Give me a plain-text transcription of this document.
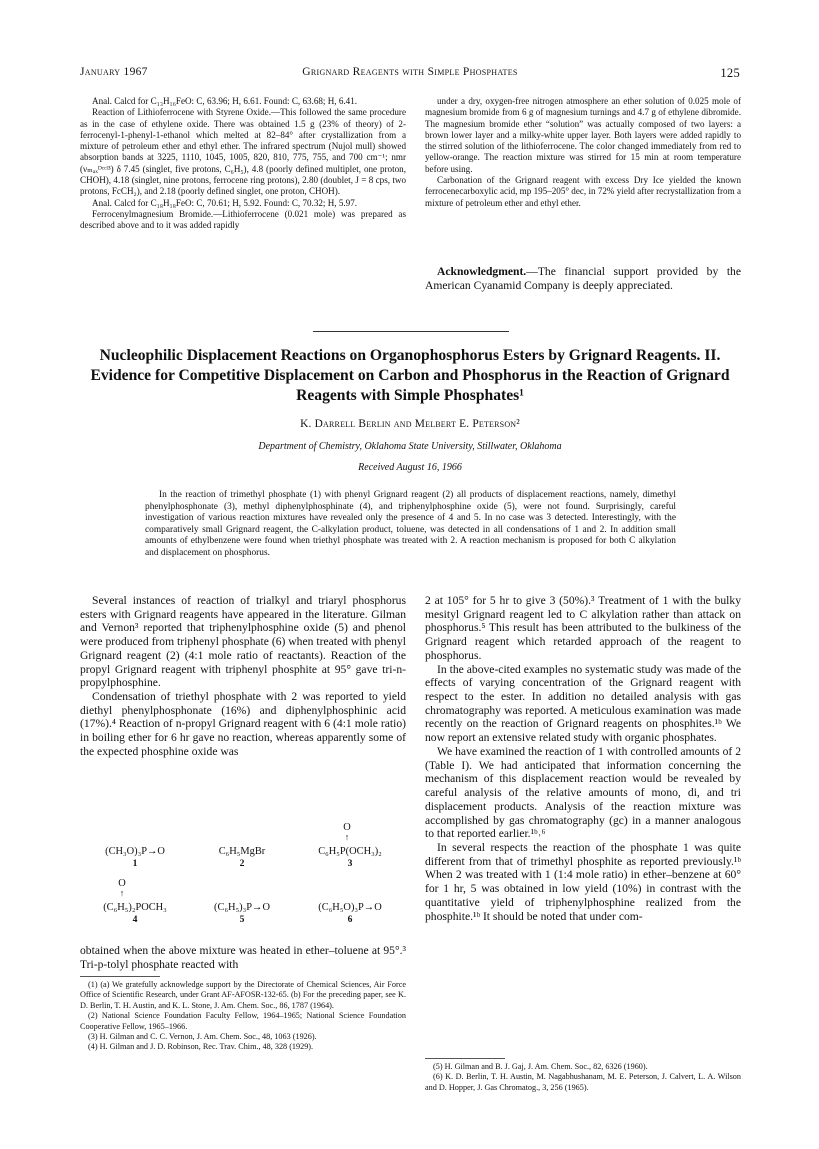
January 1967	Grignard Reagents with Simple Phosphates	125

Anal. Calcd for C₁₃H₁₆FeO: C, 63.96; H, 6.61. Found: C, 63.68; H, 6.41.

Reaction of Lithioferrocene with Styrene Oxide.—This followed the same procedure as in the case of ethylene oxide. There was obtained 1.5 g (23% of theory) of 2-ferrocenyl-1-phenyl-1-ethanol which melted at 82–84° after crystallization from a mixture of petroleum ether and ethyl ether. The infrared spectrum (Nujol mull) showed absorption bands at 3225, 1110, 1045, 1005, 820, 810, 775, 755, and 700 cm⁻¹; nmr (νₘₐₓᴰᶜᶜˡ³) δ 7.45 (singlet, five protons, C₆H₅), 4.8 (poorly defined multiplet, one proton, CHOH), 4.18 (singlet, nine protons, ferrocene ring protons), 2.80 (doublet, J = 8 cps, two protons, FcCH₂), and 2.18 (poorly defined singlet, one proton, CHOH).

Anal. Calcd for C₁₈H₁₈FeO: C, 70.61; H, 5.92. Found: C, 70.32; H, 5.97.

Ferrocenylmagnesium Bromide.—Lithioferrocene (0.021 mole) was prepared as described above and to it was added rapidly

under a dry, oxygen-free nitrogen atmosphere an ether solution of 0.025 mole of magnesium bromide from 6 g of magnesium turnings and 4.7 g of ethylene dibromide. The magnesium bromide ether “solution” was actually composed of two layers: a brown lower layer and a milky-white upper layer. Both layers were added rapidly to the stirred solution of the lithioferrocene. The color changed immediately from red to yellow-orange. The reaction mixture was stirred for 15 min at room temperature before using.

Carbonation of the Grignard reagent with excess Dry Ice yielded the known ferrocenecarboxylic acid, mp 195–205° dec, in 72% yield after recrystallization from a mixture of petroleum ether and ethyl ether.

Acknowledgment.—The financial support provided by the American Cyanamid Company is deeply appreciated.

Nucleophilic Displacement Reactions on Organophosphorus Esters by Grignard Reagents. II. Evidence for Competitive Displacement on Carbon and Phosphorus in the Reaction of Grignard Reagents with Simple Phosphates¹
K. Darrell Berlin and Melbert E. Peterson²
Department of Chemistry, Oklahoma State University, Stillwater, Oklahoma
Received August 16, 1966

In the reaction of trimethyl phosphate (1) with phenyl Grignard reagent (2) all products of displacement reactions, namely, dimethyl phenylphosphonate (3), methyl diphenylphosphinate (4), and triphenylphosphine oxide (5), were not found. Surprisingly, careful investigation of various reaction mixtures have revealed only the presence of 4 and 5. In no case was 3 detected. Interestingly, with the comparatively small Grignard reagent, the C-alkylation product, toluene, was detected in all condensations of 1 and 2. In addition small amounts of ethylbenzene were found when triethyl phosphate was treated with 2. A reaction mechanism is proposed for both C alkylation and displacement on phosphorus.

Several instances of reaction of trialkyl and triaryl phosphorus esters with Grignard reagents have appeared in the literature. Gilman and Vernon³ reported that triphenylphosphine oxide (5) and phenol were produced from triphenyl phosphate (6) when treated with phenyl Grignard reagent (2) (4:1 mole ratio of reactants). Reaction of the propyl Grignard reagent with triphenyl phosphite at 95° gave tri-n-propylphosphine.

Condensation of triethyl phosphate with 2 was reported to yield diethyl phenylphosphonate (16%) and diphenylphosphinic acid (17%).⁴ Reaction of n-propyl Grignard reagent with 6 (4:1 mole ratio) in boiling ether for 6 hr gave no reaction, whereas apparently some of the expected phosphine oxide was

O
↑
(CH₃O)₃P→O
1
C₆H₅MgBr
2
C₆H₅P(OCH₃)₂
3
O
↑
(C₆H₅)₂POCH₃
4
(C₆H₅)₃P→O
5
(C₆H₅O)₃P→O
6

obtained when the above mixture was heated in ether–toluene at 95°.³ Tri-p-tolyl phosphate reacted with

(1) (a) We gratefully acknowledge support by the Directorate of Chemical Sciences, Air Force Office of Scientific Research, under Grant AF-AFOSR-132-65. (b) For the preceding paper, see K. D. Berlin, T. H. Austin, and K. L. Stone, J. Am. Chem. Soc., 86, 1787 (1964).

(2) National Science Foundation Faculty Fellow, 1964–1965; National Science Foundation Cooperative Fellow, 1965–1966.

(3) H. Gilman and C. C. Vernon, J. Am. Chem. Soc., 48, 1063 (1926).

(4) H. Gilman and J. D. Robinson, Rec. Trav. Chim., 48, 328 (1929).

2 at 105° for 5 hr to give 3 (50%).³ Treatment of 1 with the bulky mesityl Grignard reagent led to C alkylation rather than attack on phosphorus.⁵ This result has been attributed to the bulkiness of the Grignard reagent which retarded approach of the reagent to phosphorus.

In the above-cited examples no systematic study was made of the effects of varying concentration of the Grignard reagent with respect to the ester. In addition no detailed analysis with gas chromatography was reported. A meticulous examination was made recently on the reaction of Grignard reagents on phosphites.¹ᵇ We now report an extensive related study with organic phosphates.

We have examined the reaction of 1 with controlled amounts of 2 (Table I). We had anticipated that information concerning the mechanism of this displacement reaction would be revealed by careful analysis of the relative amounts of mono, di, and tri displacement products. Analysis of the reaction mixture was accomplished by gas chromatography (gc) in a manner analogous to that reported earlier.¹ᵇ˒⁶

In several respects the reaction of the phosphate 1 was quite different from that of trimethyl phosphite as reported previously.¹ᵇ When 2 was treated with 1 (1:4 mole ratio) in ether–benzene at 60° for 1 hr, 5 was obtained in low yield (10%) in contrast with the quantitative yield of triphenylphosphine realized from the phosphite.¹ᵇ It should be noted that under com-

(5) H. Gilman and B. J. Gaj, J. Am. Chem. Soc., 82, 6326 (1960).

(6) K. D. Berlin, T. H. Austin, M. Nagabhushanam, M. E. Peterson, J. Calvert, L. A. Wilson and D. Hopper, J. Gas Chromatog., 3, 256 (1965).
